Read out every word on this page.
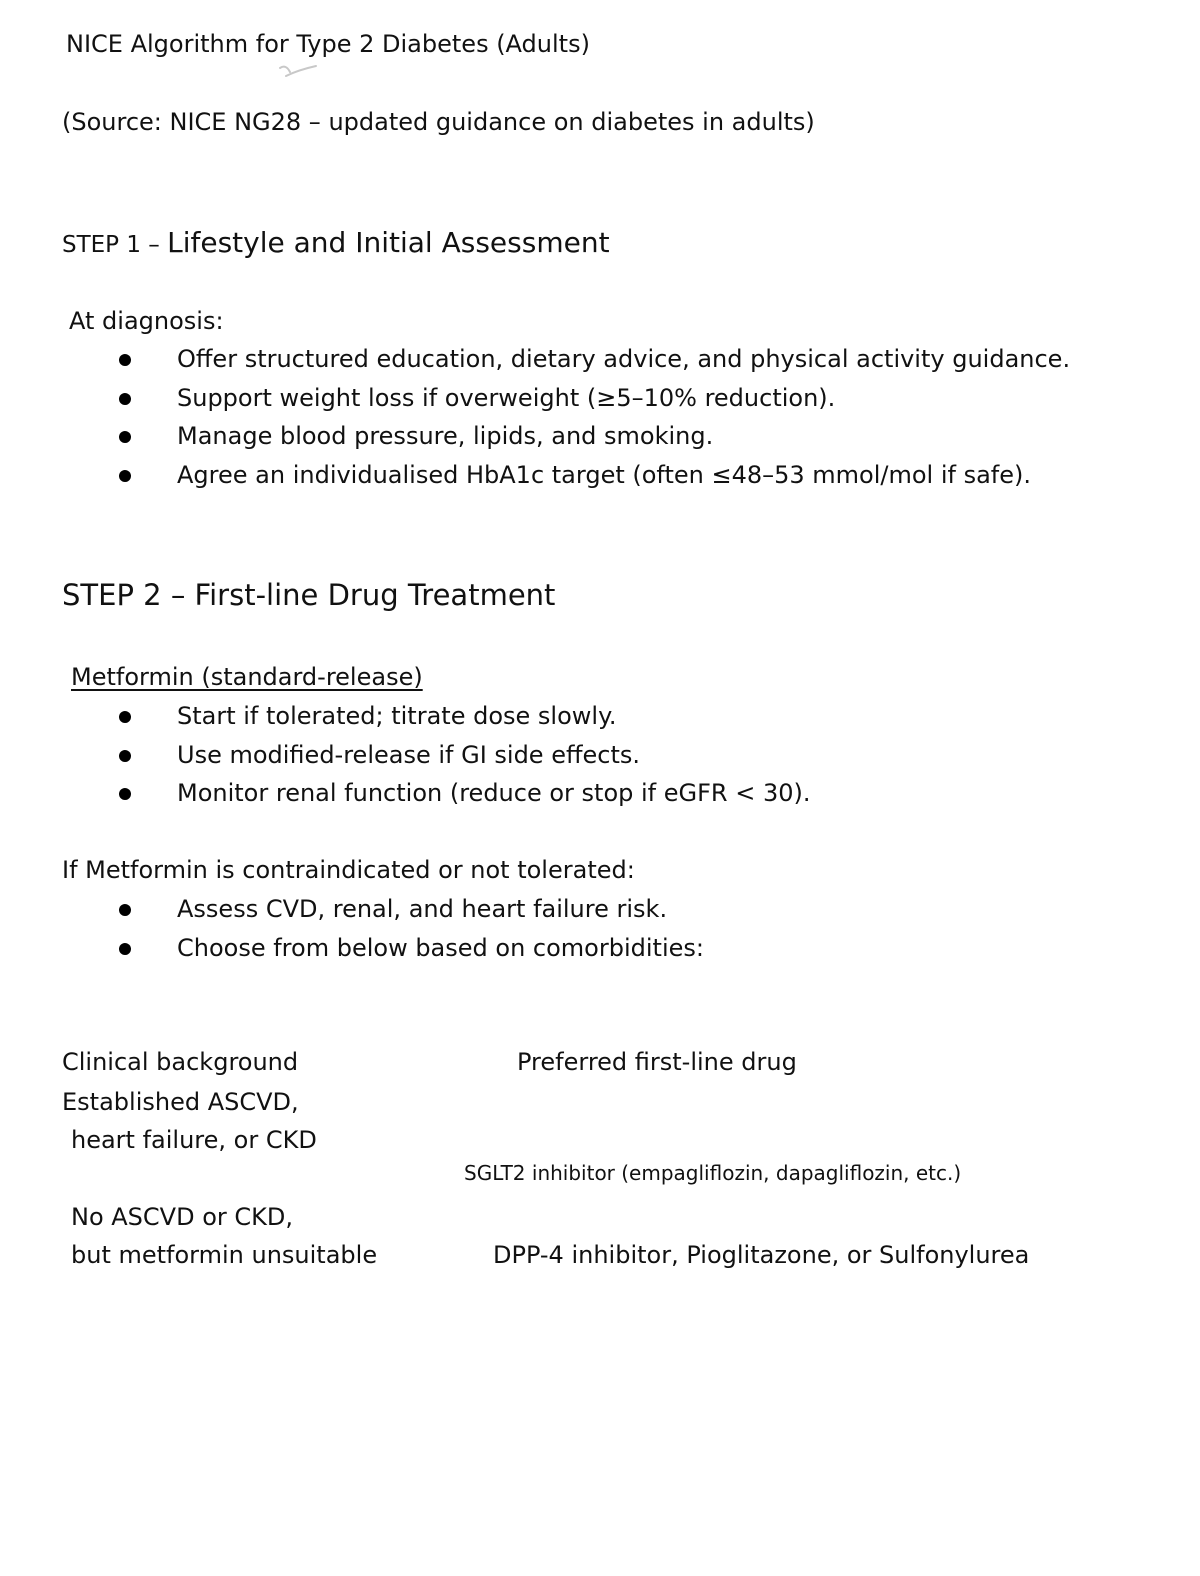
NICE Algorithm for Type 2 Diabetes (Adults)
(Source: NICE NG28 – updated guidance on diabetes in adults)
STEP 1 – Lifestyle and Initial Assessment
At diagnosis:
Offer structured education, dietary advice, and physical activity guidance.
Support weight loss if overweight (≥5–10% reduction).
Manage blood pressure, lipids, and smoking.
Agree an individualised HbA1c target (often ≤48–53 mmol/mol if safe).
STEP 2 – First-line Drug Treatment
Metformin (standard-release)
Start if tolerated; titrate dose slowly.
Use modified-release if GI side effects.
Monitor renal function (reduce or stop if eGFR < 30).
If Metformin is contraindicated or not tolerated:
Assess CVD, renal, and heart failure risk.
Choose from below based on comorbidities:
Clinical background	Preferred first-line drug
Established ASCVD,
heart failure, or CKD
SGLT2 inhibitor (empagliflozin, dapagliflozin, etc.)
No ASCVD or CKD,
but metformin unsuitable	DPP-4 inhibitor, Pioglitazone, or Sulfonylurea
